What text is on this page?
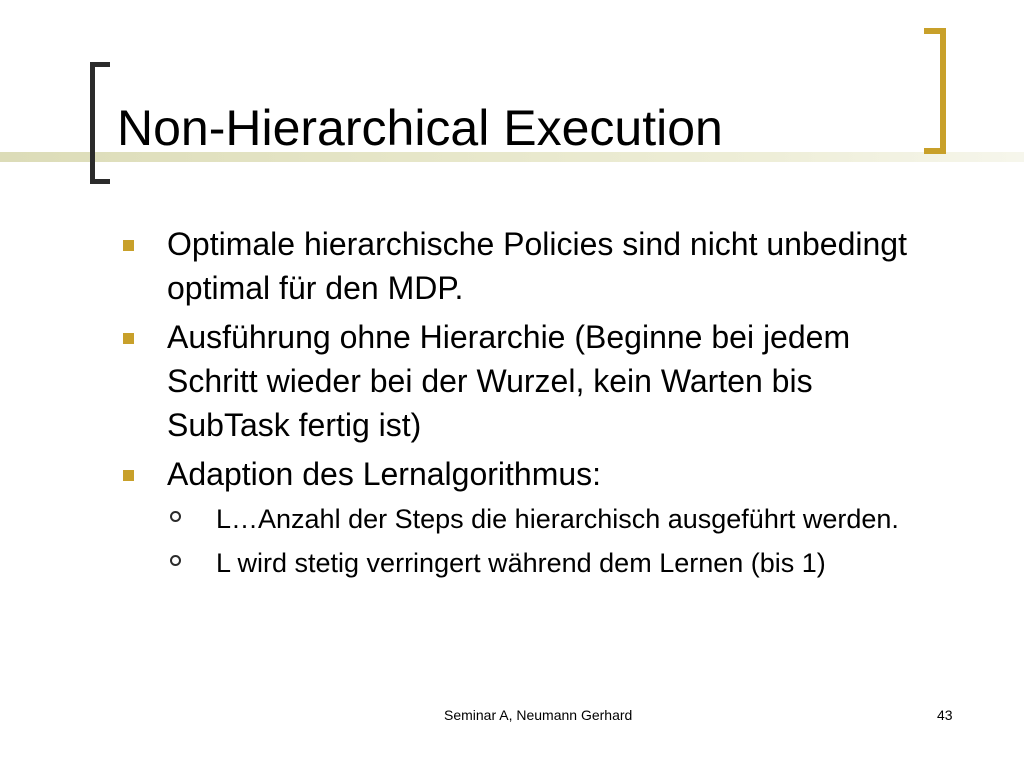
Non-Hierarchical Execution
Optimale hierarchische Policies sind nicht unbedingt optimal für den MDP.
Ausführung ohne Hierarchie (Beginne bei jedem Schritt wieder bei der Wurzel, kein Warten bis SubTask fertig ist)
Adaption des Lernalgorithmus:
L…Anzahl der Steps die hierarchisch ausgeführt werden.
L wird stetig verringert während dem Lernen (bis 1)
Seminar A, Neumann Gerhard	43
